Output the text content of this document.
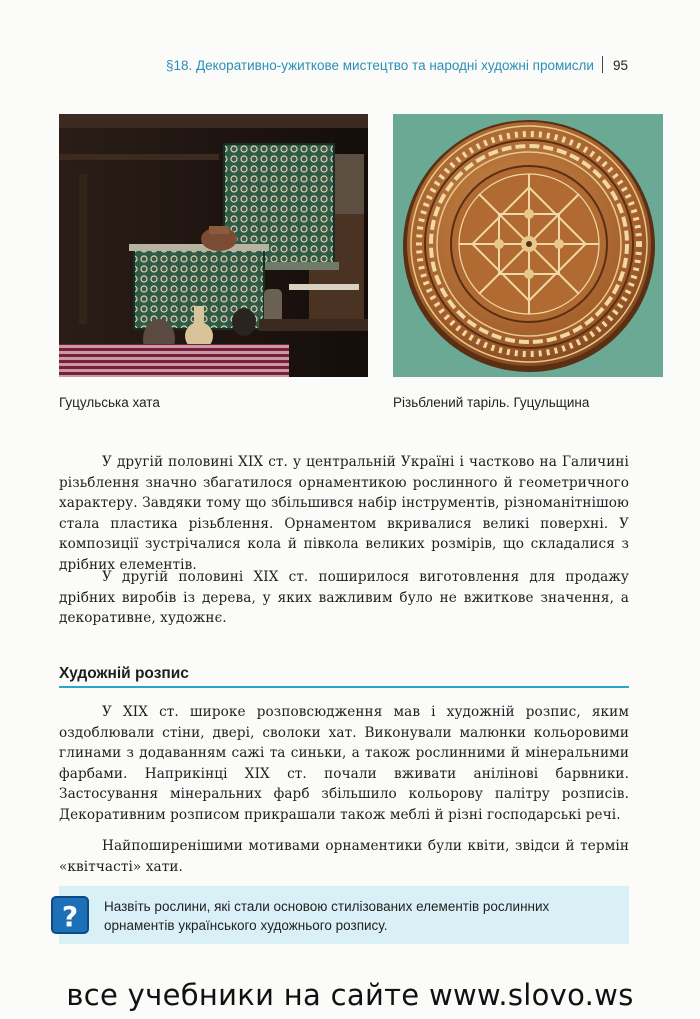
§18. Декоративно-ужиткове мистецтво та народні художні промисли 95
Гуцульська хата	Різьблений таріль. Гуцульщина

У другій половині XIX ст. у центральній Україні і частково на Галичині різьблення значно збагатилося орнаментикою рослинного й геометричного характеру. Завдяки тому що збільшився набір інструментів, різноманітнішою стала пластика різьблення. Орнаментом вкривалися великі поверхні. У композиції зустрічалися кола й півкола великих розмірів, що складалися з дрібних елементів.

У другій половині XIX ст. поширилося виготовлення для продажу дрібних виробів із дерева, у яких важливим було не вжиткове значення, а декоративне, художнє.

Художній розпис

У XIX ст. широке розповсюдження мав і художній розпис, яким оздоблювали стіни, двері, сволоки хат. Виконували малюнки кольоровими глинами з додаванням сажі та синьки, а також рослинними й мінеральними фарбами. Наприкінці XIX ст. почали вживати анілінові барвники. Застосування мінеральних фарб збільшило кольорову палітру розписів. Декоративним розписом прикрашали також меблі й різні господарські речі.

Найпоширенішими мотивами орнаментики були квіти, звідси й термін «квітчасті» хати.

? Назвіть рослини, які стали основою стилізованих елементів рослинних орнаментів українського художнього розпису.
все учебники на сайте www.slovo.ws
